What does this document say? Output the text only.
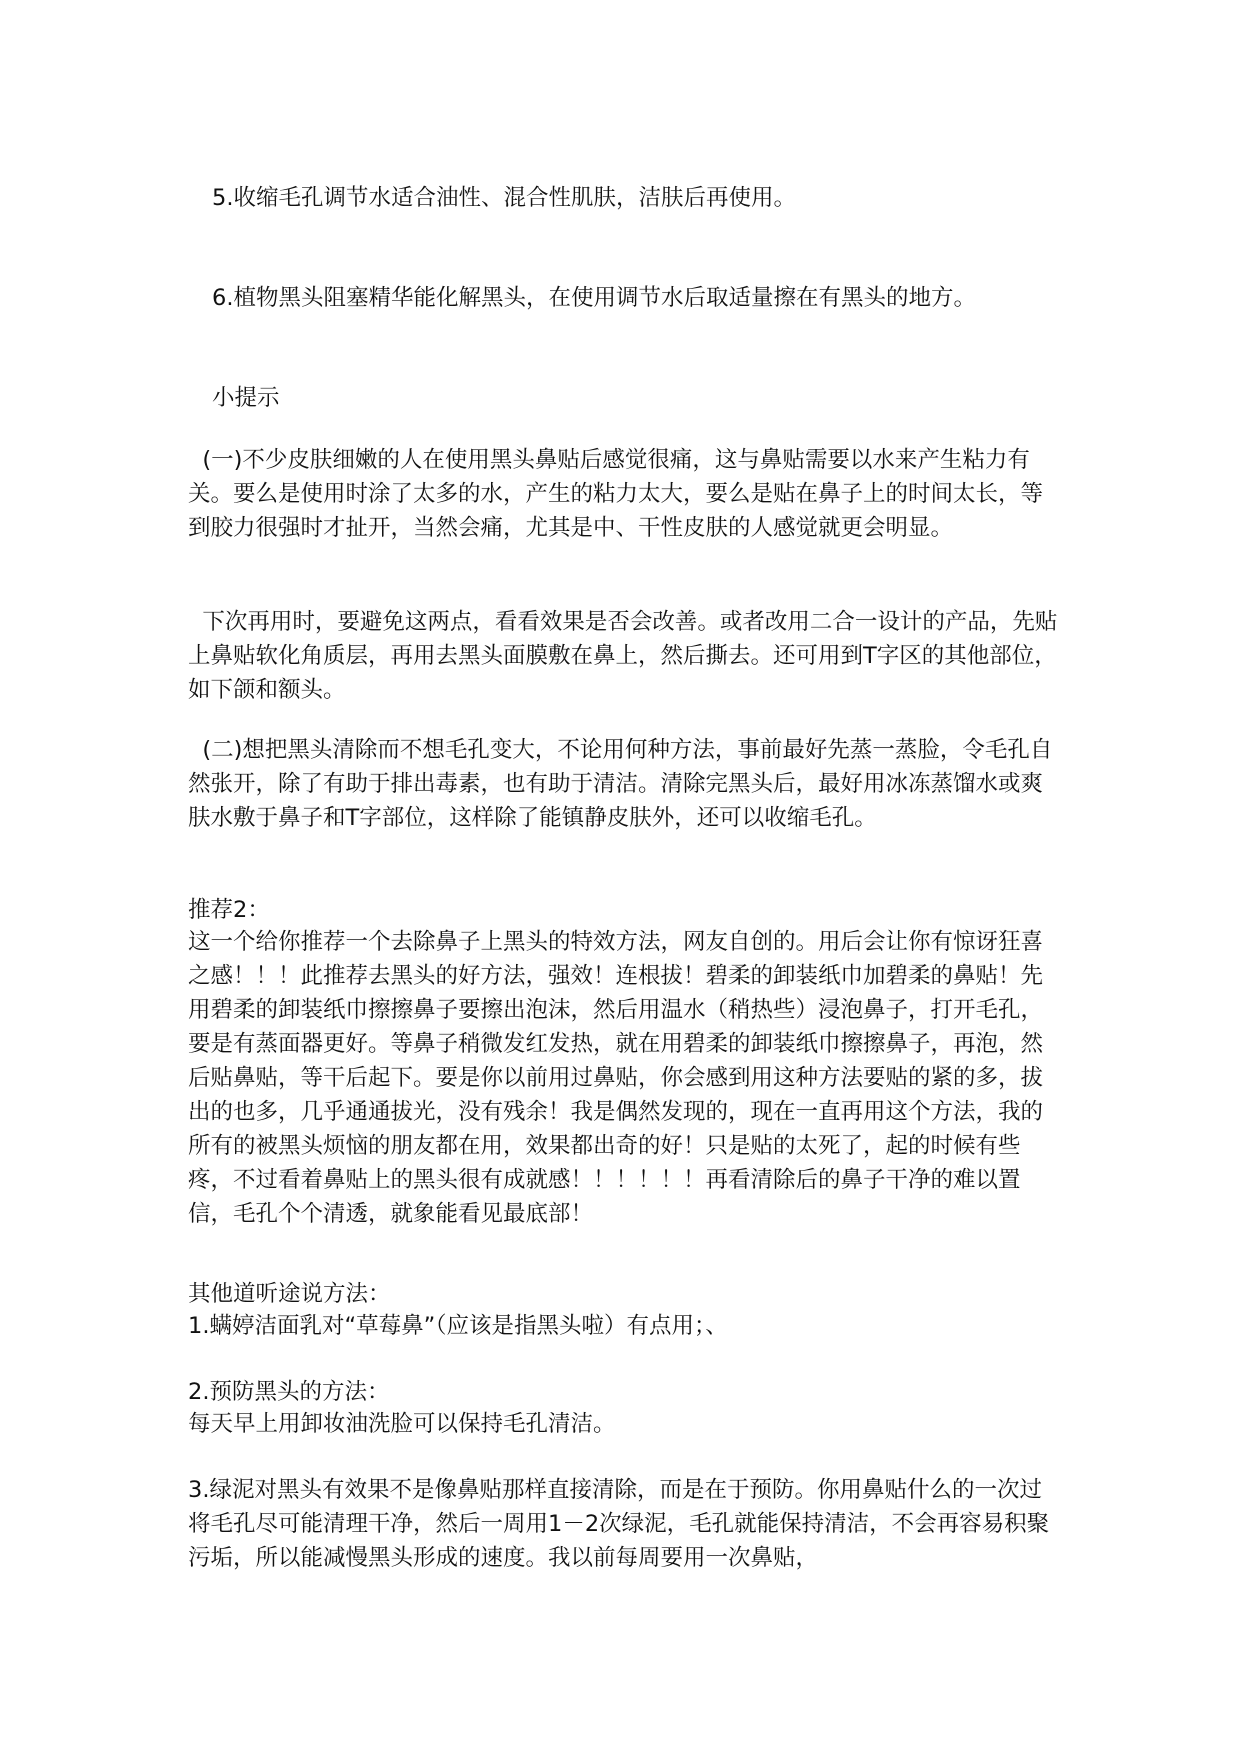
5.收缩毛孔调节水适合油性、混合性肌肤，洁肤后再使用。

6.植物黑头阻塞精华能化解黑头，在使用调节水后取适量擦在有黑头的地方。

小提示

(一)不少皮肤细嫩的人在使用黑头鼻贴后感觉很痛，这与鼻贴需要以水来产生粘力有关。要么是使用时涂了太多的水，产生的粘力太大，要么是贴在鼻子上的时间太长，等到胶力很强时才扯开，当然会痛，尤其是中、干性皮肤的人感觉就更会明显。

下次再用时，要避免这两点，看看效果是否会改善。或者改用二合一设计的产品，先贴上鼻贴软化角质层，再用去黑头面膜敷在鼻上，然后撕去。还可用到T字区的其他部位，如下颌和额头。

(二)想把黑头清除而不想毛孔变大，不论用何种方法，事前最好先蒸一蒸脸，令毛孔自然张开，除了有助于排出毒素，也有助于清洁。清除完黑头后，最好用冰冻蒸馏水或爽肤水敷于鼻子和T字部位，这样除了能镇静皮肤外，还可以收缩毛孔。

推荐2：

这一个给你推荐一个去除鼻子上黑头的特效方法，网友自创的。用后会让你有惊讶狂喜之感！！！此推荐去黑头的好方法，强效！连根拔！碧柔的卸装纸巾加碧柔的鼻贴！先用碧柔的卸装纸巾擦擦鼻子要擦出泡沫，然后用温水（稍热些）浸泡鼻子，打开毛孔，要是有蒸面器更好。等鼻子稍微发红发热，就在用碧柔的卸装纸巾擦擦鼻子，再泡，然后贴鼻贴，等干后起下。要是你以前用过鼻贴，你会感到用这种方法要贴的紧的多，拔出的也多，几乎通通拔光，没有残余！我是偶然发现的，现在一直再用这个方法，我的所有的被黑头烦恼的朋友都在用，效果都出奇的好！只是贴的太死了，起的时候有些疼，不过看着鼻贴上的黑头很有成就感！！！！！！再看清除后的鼻子干净的难以置信，毛孔个个清透，就象能看见最底部！

其他道听途说方法：

1.螨婷洁面乳对“草莓鼻”（应该是指黑头啦）有点用；、

2.预防黑头的方法：

每天早上用卸妆油洗脸可以保持毛孔清洁。

3.绿泥对黑头有效果不是像鼻贴那样直接清除，而是在于预防。你用鼻贴什么的一次过将毛孔尽可能清理干净，然后一周用1－2次绿泥，毛孔就能保持清洁，不会再容易积聚污垢，所以能减慢黑头形成的速度。我以前每周要用一次鼻贴，
